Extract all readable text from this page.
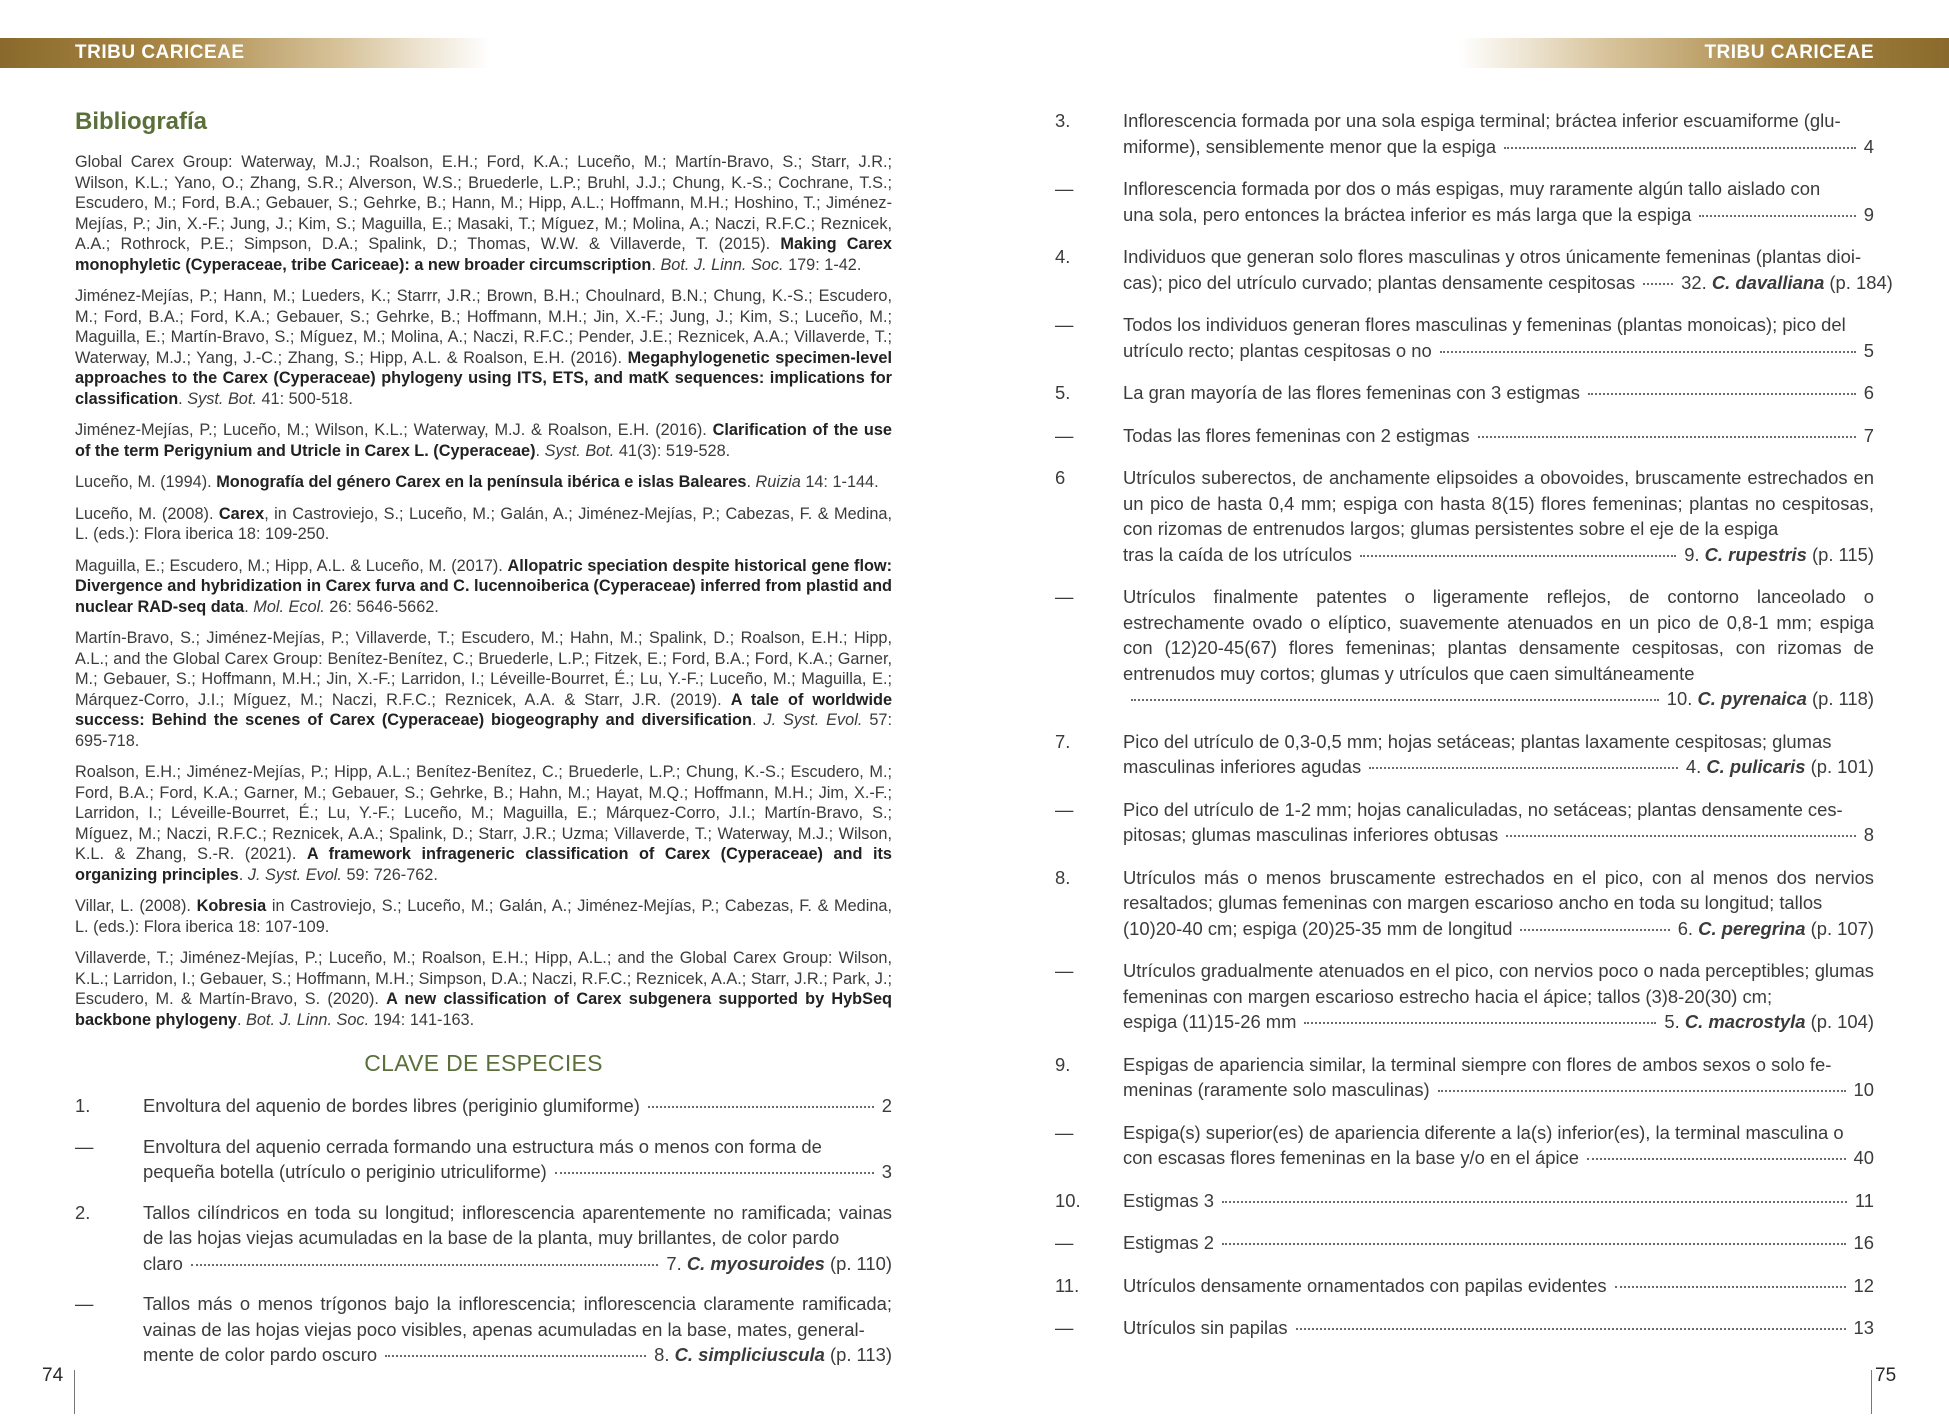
TRIBU CARICEAE	TRIBU CARICEAE
Bibliografía

Global Carex Group: Waterway, M.J.; Roalson, E.H.; Ford, K.A.; Luceño, M.; Martín-Bravo, S.; Starr, J.R.; Wilson, K.L.; Yano, O.; Zhang, S.R.; Alverson, W.S.; Bruederle, L.P.; Bruhl, J.J.; Chung, K.-S.; Cochrane, T.S.; Escudero, M.; Ford, B.A.; Gebauer, S.; Gehrke, B.; Hann, M.; Hipp, A.L.; Hoffmann, M.H.; Hoshino, T.; Jiménez-Mejías, P.; Jin, X.-F.; Jung, J.; Kim, S.; Maguilla, E.; Masaki, T.; Míguez, M.; Molina, A.; Naczi, R.F.C.; Reznicek, A.A.; Rothrock, P.E.; Simpson, D.A.; Spalink, D.; Thomas, W.W. & Villaverde, T. (2015). Making Carex monophyletic (Cyperaceae, tribe Cariceae): a new broader circumscription. Bot. J. Linn. Soc. 179: 1-42.

Jiménez-Mejías, P.; Hann, M.; Lueders, K.; Starrr, J.R.; Brown, B.H.; Choulnard, B.N.; Chung, K.-S.; Escudero, M.; Ford, B.A.; Ford, K.A.; Gebauer, S.; Gehrke, B.; Hoffmann, M.H.; Jin, X.-F.; Jung, J.; Kim, S.; Luceño, M.; Maguilla, E.; Martín-Bravo, S.; Míguez, M.; Molina, A.; Naczi, R.F.C.; Pender, J.E.; Reznicek, A.A.; Villaverde, T.; Waterway, M.J.; Yang, J.-C.; Zhang, S.; Hipp, A.L. & Roalson, E.H. (2016). Megaphylogenetic specimen-level approaches to the Carex (Cyperaceae) phylogeny using ITS, ETS, and matK sequences: implications for classification. Syst. Bot. 41: 500-518.

Jiménez-Mejías, P.; Luceño, M.; Wilson, K.L.; Waterway, M.J. & Roalson, E.H. (2016). Clarification of the use of the term Perigynium and Utricle in Carex L. (Cyperaceae). Syst. Bot. 41(3): 519-528.

Luceño, M. (1994). Monografía del género Carex en la península ibérica e islas Baleares. Ruizia 14: 1-144.

Luceño, M. (2008). Carex, in Castroviejo, S.; Luceño, M.; Galán, A.; Jiménez-Mejías, P.; Cabezas, F. & Medina, L. (eds.): Flora iberica 18: 109-250.

Maguilla, E.; Escudero, M.; Hipp, A.L. & Luceño, M. (2017). Allopatric speciation despite historical gene flow: Divergence and hybridization in Carex furva and C. lucennoiberica (Cyperaceae) inferred from plastid and nuclear RAD-seq data. Mol. Ecol. 26: 5646-5662.

Martín-Bravo, S.; Jiménez-Mejías, P.; Villaverde, T.; Escudero, M.; Hahn, M.; Spalink, D.; Roalson, E.H.; Hipp, A.L.; and the Global Carex Group: Benítez-Benítez, C.; Bruederle, L.P.; Fitzek, E.; Ford, B.A.; Ford, K.A.; Garner, M.; Gebauer, S.; Hoffmann, M.H.; Jin, X.-F.; Larridon, I.; Léveille-Bourret, É.; Lu, Y.-F.; Luceño, M.; Maguilla, E.; Márquez-Corro, J.I.; Míguez, M.; Naczi, R.F.C.; Reznicek, A.A. & Starr, J.R. (2019). A tale of worldwide success: Behind the scenes of Carex (Cyperaceae) biogeography and diversification. J. Syst. Evol. 57: 695-718.

Roalson, E.H.; Jiménez-Mejías, P.; Hipp, A.L.; Benítez-Benítez, C.; Bruederle, L.P.; Chung, K.-S.; Escudero, M.; Ford, B.A.; Ford, K.A.; Garner, M.; Gebauer, S.; Gehrke, B.; Hahn, M.; Hayat, M.Q.; Hoffmann, M.H.; Jim, X.-F.; Larridon, I.; Léveille-Bourret, É.; Lu, Y.-F.; Luceño, M.; Maguilla, E.; Márquez-Corro, J.I.; Martín-Bravo, S.; Míguez, M.; Naczi, R.F.C.; Reznicek, A.A.; Spalink, D.; Starr, J.R.; Uzma; Villaverde, T.; Waterway, M.J.; Wilson, K.L. & Zhang, S.-R. (2021). A framework infrageneric classification of Carex (Cyperaceae) and its organizing principles. J. Syst. Evol. 59: 726-762.

Villar, L. (2008). Kobresia in Castroviejo, S.; Luceño, M.; Galán, A.; Jiménez-Mejías, P.; Cabezas, F. & Medina, L. (eds.): Flora iberica 18: 107-109.

Villaverde, T.; Jiménez-Mejías, P.; Luceño, M.; Roalson, E.H.; Hipp, A.L.; and the Global Carex Group: Wilson, K.L.; Larridon, I.; Gebauer, S.; Hoffmann, M.H.; Simpson, D.A.; Naczi, R.F.C.; Reznicek, A.A.; Starr, J.R.; Park, J.; Escudero, M. & Martín-Bravo, S. (2020). A new classification of Carex subgenera supported by HybSeq backbone phylogeny. Bot. J. Linn. Soc. 194: 141-163.

CLAVE DE ESPECIES
1.	Envoltura del aquenio de bordes libres (periginio glumiforme)	2
—	Envoltura del aquenio cerrada formando una estructura más o menos con forma de
pequeña botella (utrículo o periginio utriculiforme)	3
2.	Tallos cilíndricos en toda su longitud; inflorescencia aparentemente no ramificada; vainas de las hojas viejas acumuladas en la base de la planta, muy brillantes, de color pardo
claro	7. C. myosuroides (p. 110)
—	Tallos más o menos trígonos bajo la inflorescencia; inflorescencia claramente ramificada; vainas de las hojas viejas poco visibles, apenas acumuladas en la base, mates, general-
mente de color pardo oscuro	8. C. simpliciuscula (p. 113)
3.	Inflorescencia formada por una sola espiga terminal; bráctea inferior escuamiforme (glu-
miforme), sensiblemente menor que la espiga	4
—	Inflorescencia formada por dos o más espigas, muy raramente algún tallo aislado con
una sola, pero entonces la bráctea inferior es más larga que la espiga	9
4.	Individuos que generan solo flores masculinas y otros únicamente femeninas (plantas dioi-
cas); pico del utrículo curvado; plantas densamente cespitosas	32. C. davalliana (p. 184)
—	Todos los individuos generan flores masculinas y femeninas (plantas monoicas); pico del
utrículo recto; plantas cespitosas o no	5
5.	La gran mayoría de las flores femeninas con 3 estigmas	6
—	Todas las flores femeninas con 2 estigmas	7
6	Utrículos suberectos, de anchamente elipsoides a obovoides, bruscamente estrechados en un pico de hasta 0,4 mm; espiga con hasta 8(15) flores femeninas; plantas no cespitosas, con rizomas de entrenudos largos; glumas persistentes sobre el eje de la espiga
tras la caída de los utrículos	9. C. rupestris (p. 115)
—	Utrículos finalmente patentes o ligeramente reflejos, de contorno lanceolado o estrechamente ovado o elíptico, suavemente atenuados en un pico de 0,8-1 mm; espiga con (12)20-45(67) flores femeninas; plantas densamente cespitosas, con rizomas de entrenudos muy cortos; glumas y utrículos que caen simultáneamente
10. C. pyrenaica (p. 118)
7.	Pico del utrículo de 0,3-0,5 mm; hojas setáceas; plantas laxamente cespitosas; glumas
masculinas inferiores agudas	4. C. pulicaris (p. 101)
—	Pico del utrículo de 1-2 mm; hojas canaliculadas, no setáceas; plantas densamente ces-
pitosas; glumas masculinas inferiores obtusas	8
8.	Utrículos más o menos bruscamente estrechados en el pico, con al menos dos nervios resaltados; glumas femeninas con margen escarioso ancho en toda su longitud; tallos
(10)20-40 cm; espiga (20)25-35 mm de longitud	6. C. peregrina (p. 107)
—	Utrículos gradualmente atenuados en el pico, con nervios poco o nada perceptibles; glumas femeninas con margen escarioso estrecho hacia el ápice; tallos (3)8-20(30) cm;
espiga (11)15-26 mm	5. C. macrostyla (p. 104)
9.	Espigas de apariencia similar, la terminal siempre con flores de ambos sexos o solo fe-
meninas (raramente solo masculinas)	10
—	Espiga(s) superior(es) de apariencia diferente a la(s) inferior(es), la terminal masculina o
con escasas flores femeninas en la base y/o en el ápice	40
10.	Estigmas 3	11
—	Estigmas 2	16
11.	Utrículos densamente ornamentados con papilas evidentes	12
—	Utrículos sin papilas	13
74	75
